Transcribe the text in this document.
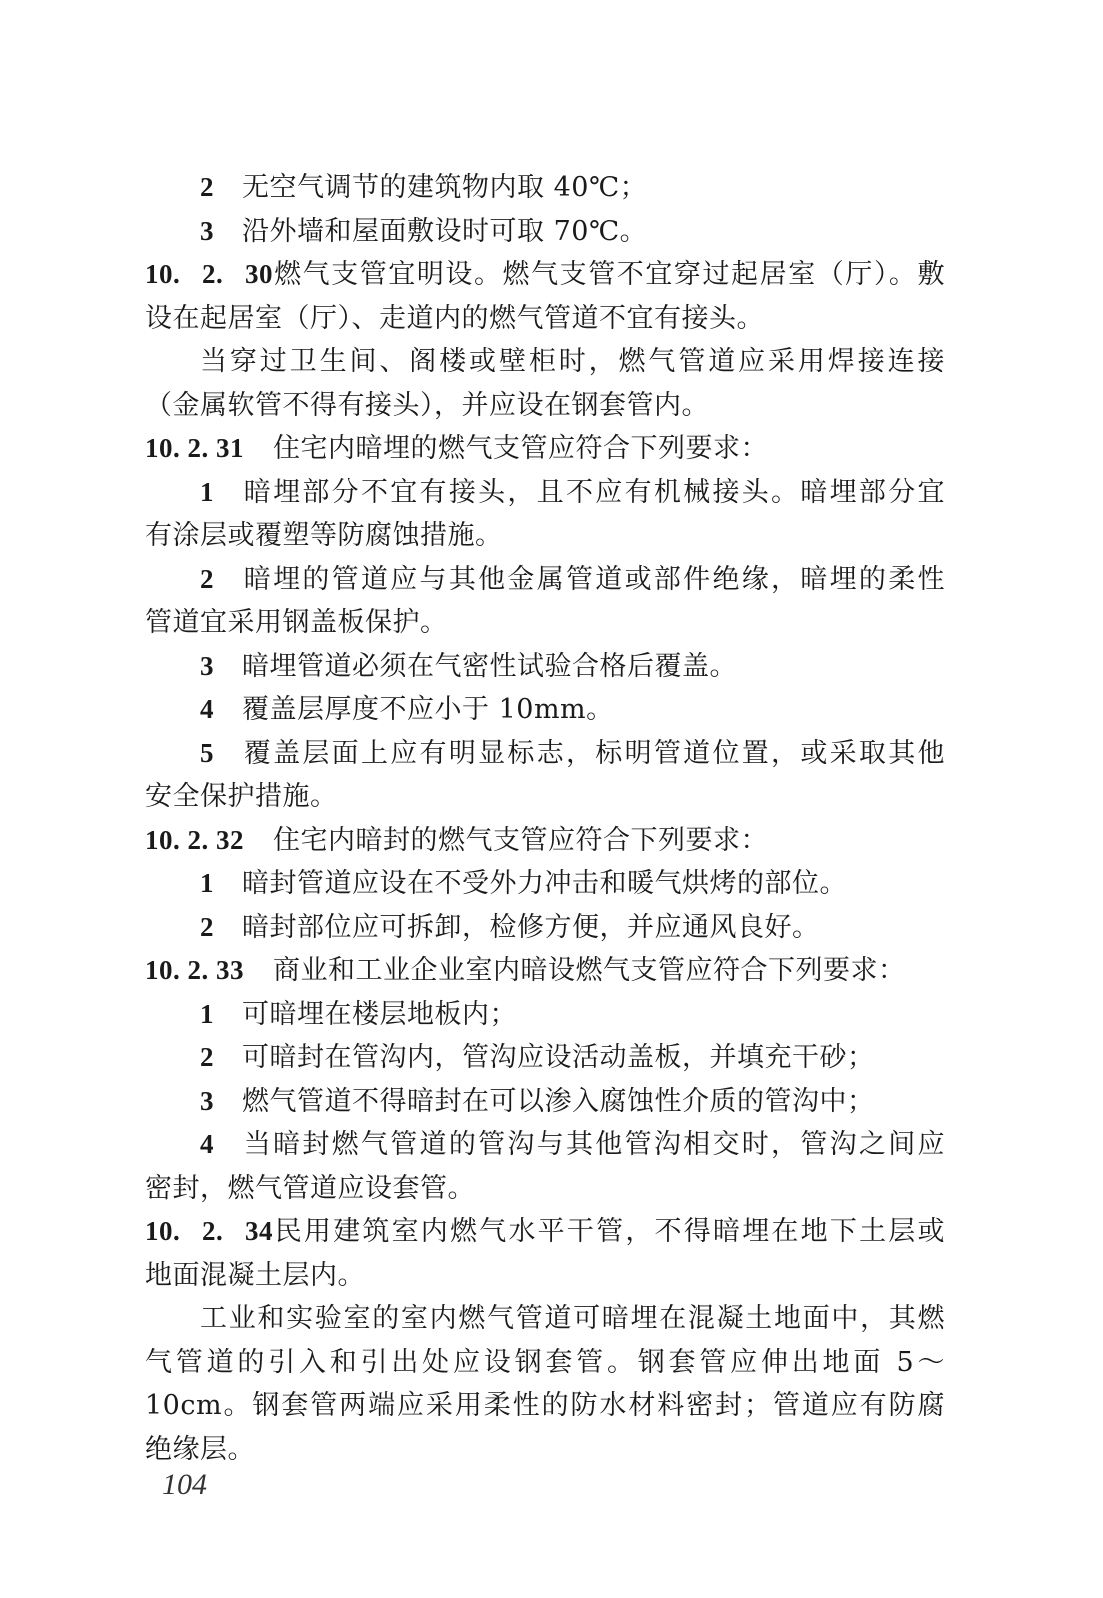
2 无空气调节的建筑物内取 40℃；
3 沿外墙和屋面敷设时可取 70℃。
10. 2. 30燃气支管宜明设。燃气支管不宜穿过起居室（厅）。敷
设在起居室（厅）、走道内的燃气管道不宜有接头。
当穿过卫生间、阁楼或壁柜时，燃气管道应采用焊接连接
（金属软管不得有接头），并应设在钢套管内。
10. 2. 31 住宅内暗埋的燃气支管应符合下列要求：
1 暗埋部分不宜有接头，且不应有机械接头。暗埋部分宜
有涂层或覆塑等防腐蚀措施。
2 暗埋的管道应与其他金属管道或部件绝缘，暗埋的柔性
管道宜采用钢盖板保护。
3 暗埋管道必须在气密性试验合格后覆盖。
4 覆盖层厚度不应小于 10mm。
5 覆盖层面上应有明显标志，标明管道位置，或采取其他
安全保护措施。
10. 2. 32 住宅内暗封的燃气支管应符合下列要求：
1 暗封管道应设在不受外力冲击和暖气烘烤的部位。
2 暗封部位应可拆卸，检修方便，并应通风良好。
10. 2. 33 商业和工业企业室内暗设燃气支管应符合下列要求：
1 可暗埋在楼层地板内；
2 可暗封在管沟内，管沟应设活动盖板，并填充干砂；
3 燃气管道不得暗封在可以渗入腐蚀性介质的管沟中；
4 当暗封燃气管道的管沟与其他管沟相交时，管沟之间应
密封，燃气管道应设套管。
10. 2. 34民用建筑室内燃气水平干管，不得暗埋在地下土层或
地面混凝土层内。
工业和实验室的室内燃气管道可暗埋在混凝土地面中，其燃
气管道的引入和引出处应设钢套管。钢套管应伸出地面 5～
10cm。钢套管两端应采用柔性的防水材料密封；管道应有防腐
绝缘层。
104
